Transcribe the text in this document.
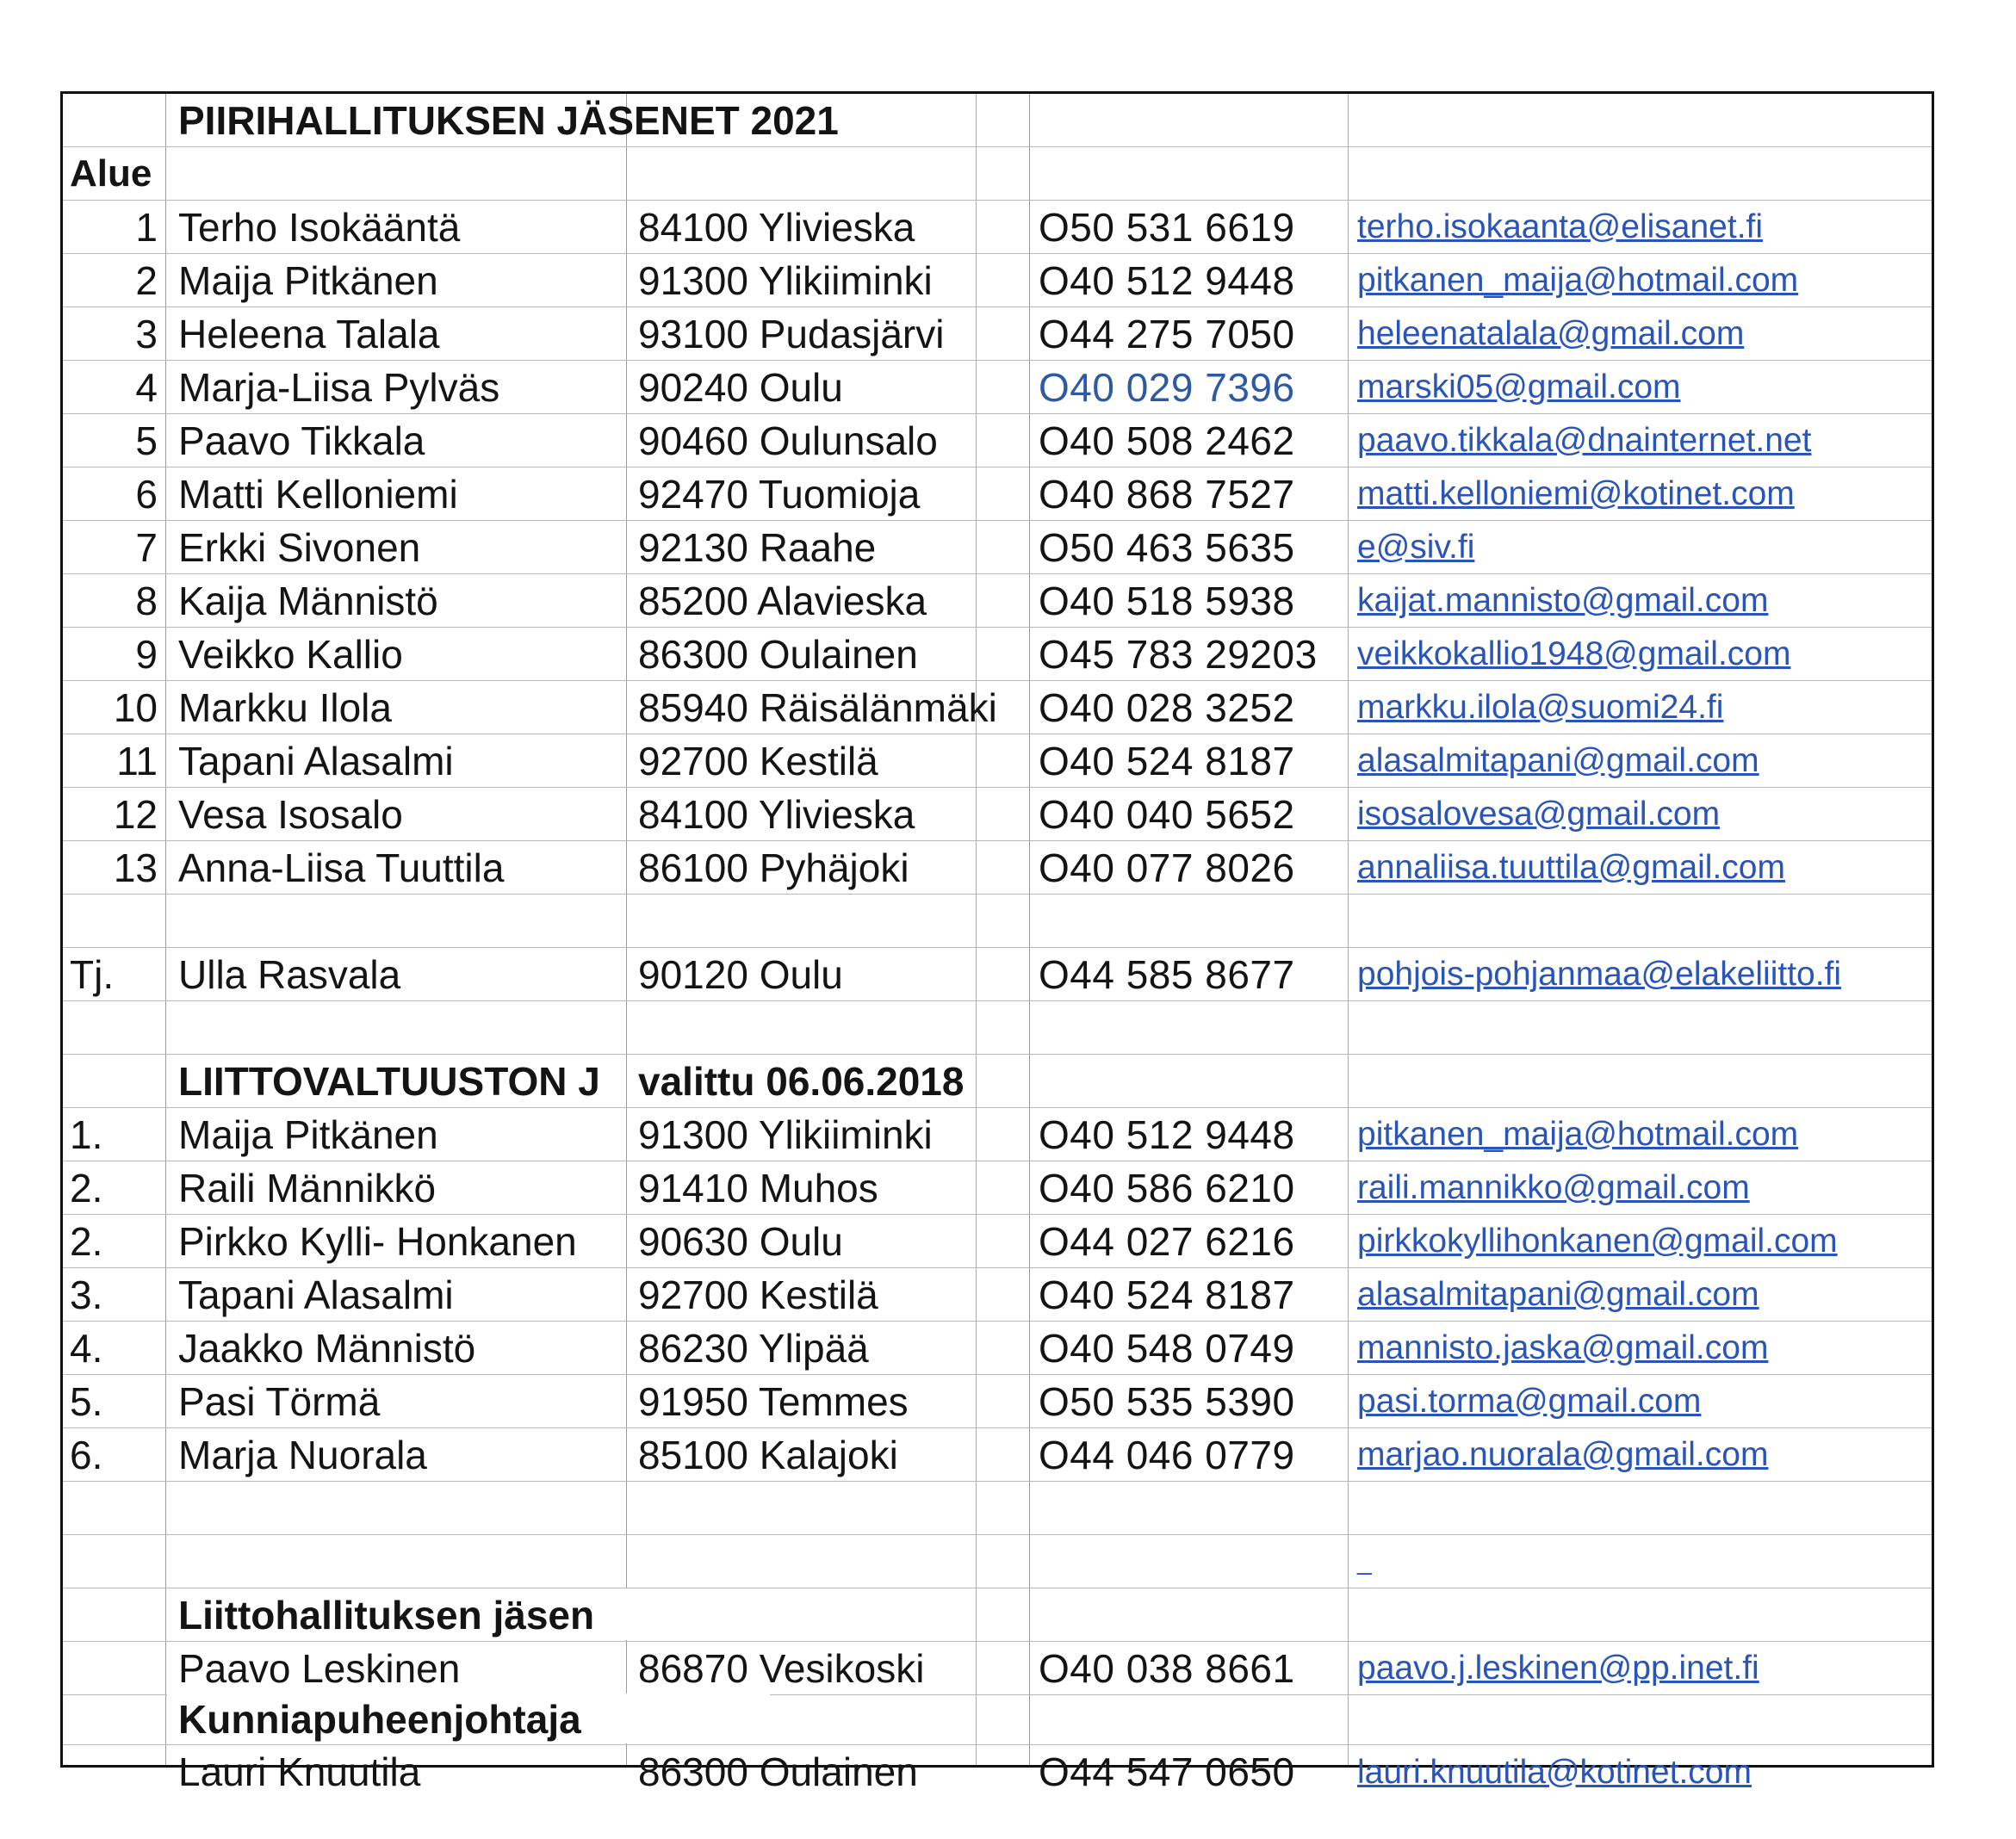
PIIRIHALLITUKSEN JÄSENET 2021
Alue
1 Terho Isokääntä	84100 Ylivieska	O50 531 6619	terho.isokaanta@elisanet.fi
2 Maija Pitkänen	91300 Ylikiiminki	O40 512 9448	pitkanen_maija@hotmail.com
3 Heleena Talala	93100 Pudasjärvi	O44 275 7050	heleenatalala@gmail.com
4 Marja-Liisa Pylväs	90240 Oulu	O40 029 7396	marski05@gmail.com
5 Paavo Tikkala	90460 Oulunsalo	O40 508 2462	paavo.tikkala@dnainternet.net
6 Matti Kelloniemi	92470 Tuomioja	O40 868 7527	matti.kelloniemi@kotinet.com
7 Erkki Sivonen	92130 Raahe	O50 463 5635	e@siv.fi
8 Kaija Männistö	85200 Alavieska	O40 518 5938	kaijat.mannisto@gmail.com
9 Veikko Kallio	86300 Oulainen	O45 783 29203	veikkokallio1948@gmail.com
10 Markku Ilola	85940 Räisälänmäki	O40 028 3252	markku.ilola@suomi24.fi
11 Tapani Alasalmi	92700 Kestilä	O40 524 8187	alasalmitapani@gmail.com
12 Vesa Isosalo	84100 Ylivieska	O40 040 5652	isosalovesa@gmail.com
13 Anna-Liisa Tuuttila	86100 Pyhäjoki	O40 077 8026	annaliisa.tuuttila@gmail.com
Tj.	Ulla Rasvala	90120 Oulu	O44 585 8677	pohjois-pohjanmaa@elakeliitto.fi
LIITTOVALTUUSTON J valittu 06.06.2018
1.	Maija Pitkänen	91300 Ylikiiminki	O40 512 9448	pitkanen_maija@hotmail.com
2.	Raili Männikkö	91410 Muhos	O40 586 6210	raili.mannikko@gmail.com
2.	Pirkko Kylli- Honkanen	90630 Oulu	O44 027 6216	pirkkokyllihonkanen@gmail.com
3.	Tapani Alasalmi	92700 Kestilä	O40 524 8187	alasalmitapani@gmail.com
4.	Jaakko Männistö	86230 Ylipää	O40 548 0749	mannisto.jaska@gmail.com
5.	Pasi Törmä	91950 Temmes	O50 535 5390	pasi.torma@gmail.com
6.	Marja Nuorala	85100 Kalajoki	O44 046 0779	marjao.nuorala@gmail.com
_
Liittohallituksen jäsen
Paavo Leskinen	86870 Vesikoski	O40 038 8661	paavo.j.leskinen@pp.inet.fi
Kunniapuheenjohtaja
Lauri Knuutila	86300 Oulainen	O44 547 0650	lauri.knuutila@kotinet.com
